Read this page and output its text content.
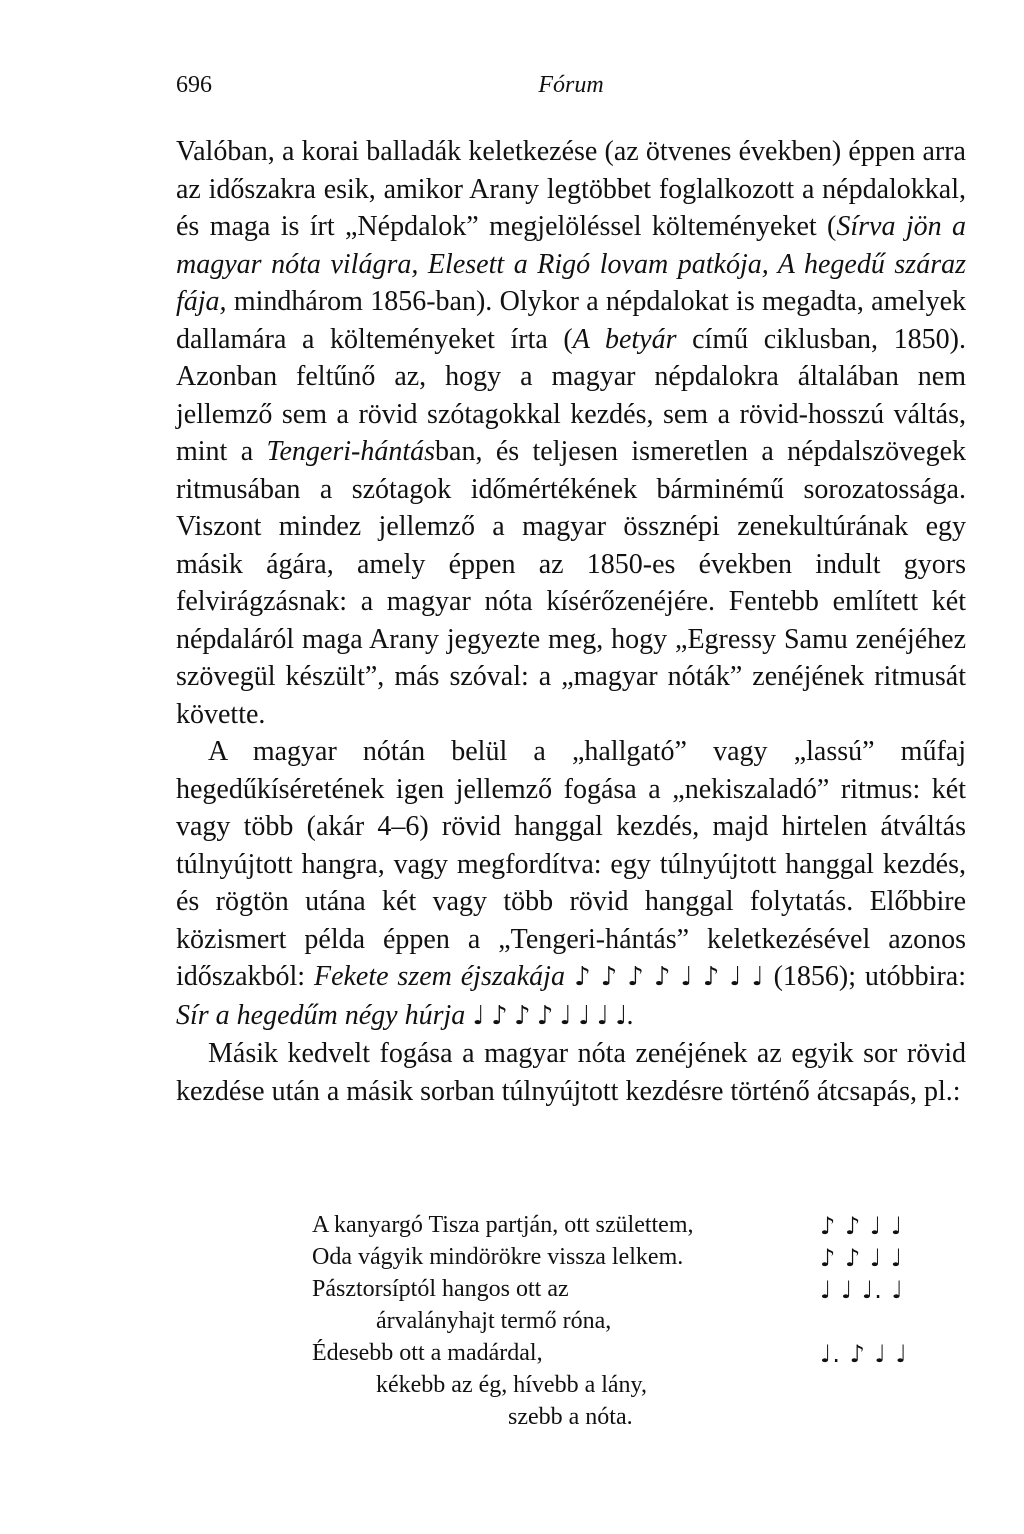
696	Fórum

Valóban, a korai balladák keletkezése (az ötvenes években) éppen arra az időszakra esik, amikor Arany legtöbbet foglalkozott a népdalokkal, és maga is írt „Népdalok” megjelöléssel költeményeket (Sírva jön a magyar nóta világra, Elesett a Rigó lovam patkója, A hegedű száraz fája, mindhárom 1856-ban). Olykor a népdalokat is megadta, amelyek dallamára a költeményeket írta (A betyár című ciklusban, 1850). Azonban feltűnő az, hogy a magyar népdalokra általában nem jellemző sem a rövid szótagokkal kezdés, sem a rövid-hosszú váltás, mint a Tengeri-hántásban, és teljesen ismeretlen a népdalszövegek ritmusában a szótagok időmértékének bárminémű sorozatossága. Viszont mindez jellemző a magyar össznépi zenekultúrának egy másik ágára, amely éppen az 1850-es években indult gyors felvirágzásnak: a magyar nóta kísérőzenéjére. Fentebb említett két népdaláról maga Arany jegyezte meg, hogy „Egressy Samu zenéjéhez szövegül készült”, más szóval: a „magyar nóták” zenéjének ritmusát követte.

A magyar nótán belül a „hallgató” vagy „lassú” műfaj hegedűkíséretének igen jellemző fogása a „nekiszaladó” ritmus: két vagy több (akár 4–6) rövid hanggal kezdés, majd hirtelen átváltás túlnyújtott hangra, vagy megfordítva: egy túlnyújtott hanggal kezdés, és rögtön utána két vagy több rövid hanggal folytatás. Előbbire közismert példa éppen a „Tengeri-hántás” keletkezésével azonos időszakból: Fekete szem éjszakája ♪ ♪ ♪ ♪ ♩ ♪ ♩ ♩ (1856); utóbbira: Sír a hegedűm négy húrja ♩ ♪ ♪ ♪ ♩ ♩ ♩ ♩.

Másik kedvelt fogása a magyar nóta zenéjének az egyik sor rövid kezdése után a másik sorban túlnyújtott kezdésre történő átcsapás, pl.:

A kanyargó Tisza partján, ott születtem,	♪ ♪ ♩ ♩
Oda vágyik mindörökre vissza lelkem.	♪ ♪ ♩ ♩
Pásztorsíptól hangos ott az	♩ ♩ ♩. ♩
árvalányhajt termő róna,
Édesebb ott a madárdal,	♩. ♪ ♩ ♩
kékebb az ég, hívebb a lány,
szebb a nóta.
